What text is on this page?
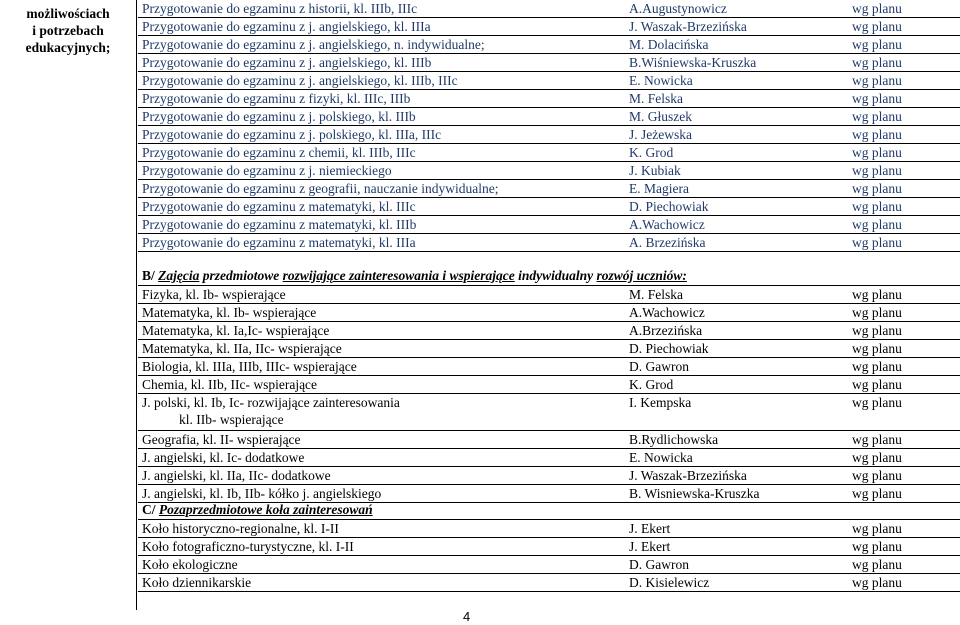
możliwościach
i potrzebach
edukacyjnych;
Przygotowanie do egzaminu z historii, kl. IIIb, IIIc	A.Augustynowicz	wg planu
Przygotowanie do egzaminu z j. angielskiego, kl. IIIa	J. Waszak-Brzezińska	wg planu
Przygotowanie do egzaminu z j. angielskiego, n. indywidualne;	M. Dolacińska	wg planu
Przygotowanie do egzaminu z j. angielskiego, kl. IIIb	B.Wiśniewska-Kruszka	wg planu
Przygotowanie do egzaminu z j. angielskiego, kl. IIIb, IIIc	E. Nowicka	wg planu
Przygotowanie do egzaminu z fizyki, kl. IIIc, IIIb	M. Felska	wg planu
Przygotowanie do egzaminu z j. polskiego, kl. IIIb	M. Głuszek	wg planu
Przygotowanie do egzaminu z j. polskiego, kl. IIIa, IIIc	J. Jeżewska	wg planu
Przygotowanie do egzaminu z chemii, kl. IIIb, IIIc	K. Grod	wg planu
Przygotowanie do egzaminu z j. niemieckiego	J. Kubiak	wg planu
Przygotowanie do egzaminu z geografii, nauczanie indywidualne;	E. Magiera	wg planu
Przygotowanie do egzaminu z matematyki, kl. IIIc	D. Piechowiak	wg planu
Przygotowanie do egzaminu z matematyki, kl. IIIb	A.Wachowicz	wg planu
Przygotowanie do egzaminu z matematyki, kl. IIIa	A. Brzezińska	wg planu
B/ Zajęcia przedmiotowe rozwijające zainteresowania i wspierające indywidualny rozwój uczniów:
Fizyka, kl. Ib- wspierające	M. Felska	wg planu
Matematyka, kl. Ib- wspierające	A.Wachowicz	wg planu
Matematyka, kl. Ia,Ic- wspierające	A.Brzezińska	wg planu
Matematyka, kl. IIa, IIc- wspierające	D. Piechowiak	wg planu
Biologia, kl. IIIa, IIIb, IIIc- wspierające	D. Gawron	wg planu
Chemia, kl. IIb, IIc- wspierające	K. Grod	wg planu
J. polski, kl. Ib, Ic- rozwijające zainteresowania
kl. IIb- wspierające
I. Kempska	wg planu
Geografia, kl. II- wspierające	B.Rydlichowska	wg planu
J. angielski, kl. Ic- dodatkowe	E. Nowicka	wg planu
J. angielski, kl. IIa, IIc- dodatkowe	J. Waszak-Brzezińska	wg planu
J. angielski, kl. Ib, IIb- kółko j. angielskiego	B. Wisniewska-Kruszka	wg planu
C/ Pozaprzedmiotowe koła zainteresowań
Koło historyczno-regionalne, kl. I-II	J. Ekert	wg planu
Koło fotograficzno-turystyczne, kl. I-II	J. Ekert	wg planu
Koło ekologiczne	D. Gawron	wg planu
Koło dziennikarskie	D. Kisielewicz	wg planu
4
